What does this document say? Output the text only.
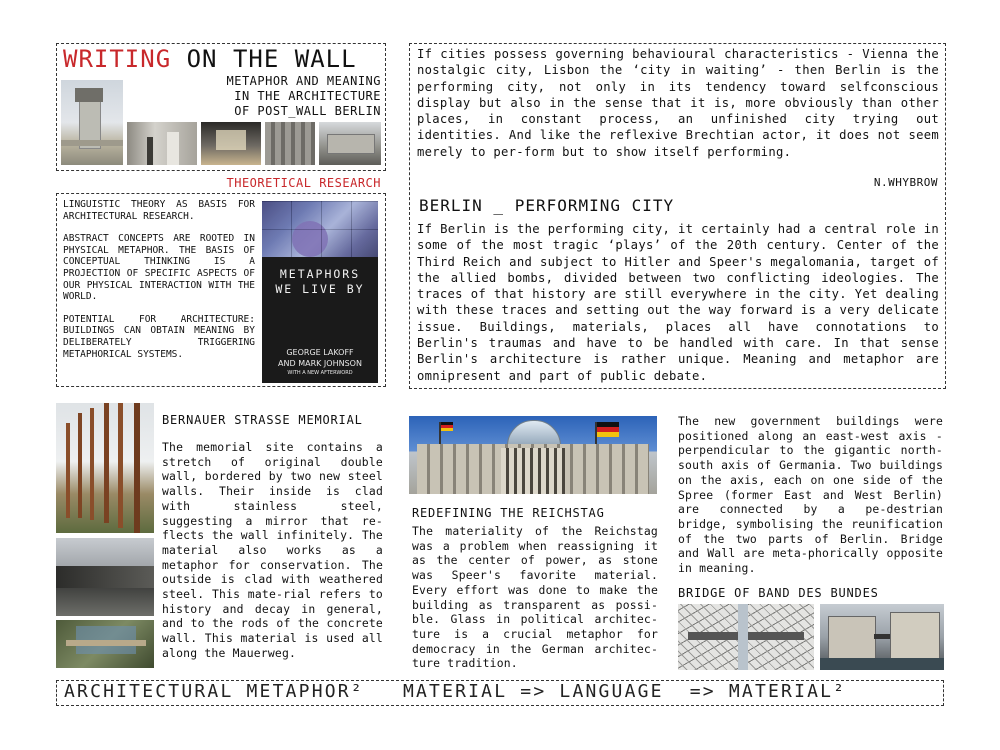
WRITING ON THE WALL
METAPHOR AND MEANING
IN THE ARCHITECTURE
OF POST_WALL BERLIN
THEORETICAL RESEARCH

LINGUISTIC THEORY AS BASIS FOR ARCHITECTURAL RESEARCH.

ABSTRACT CONCEPTS ARE ROOTED IN PHYSICAL METAPHOR. THE BASIS OF CONCEPTUAL THINKING IS A PROJECTION OF SPECIFIC ASPECTS OF OUR PHYSICAL INTERACTION WITH THE WORLD.

POTENTIAL FOR ARCHITECTURE: BUILDINGS CAN OBTAIN MEANING BY DELIBERATELY TRIGGERING METAPHORICAL SYSTEMS.

METAPHORS
WE LIVE BY
GEORGE LAKOFF
AND MARK JOHNSON
WITH A NEW AFTERWORD
If cities possess governing behavioural characteristics - Vienna the nostalgic city, Lisbon the ‘city in waiting’ - then Berlin is the performing city, not only in its tendency toward selfconscious display but also in the sense that it is, more obviously than other places, in constant process, an unfinished city trying out identities. And like the reflexive Brechtian actor, it does not seem merely to per-form but to show itself performing.
N.WHYBROW
BERLIN _ PERFORMING CITY
If Berlin is the performing city, it certainly had a central role in some of the most tragic ‘plays’ of the 20th century. Center of the Third Reich and subject to Hitler and Speer's megalomania, target of the allied bombs, divided between two conflicting ideologies. The traces of that history are still everywhere in the city. Yet dealing with these traces and setting out the way forward is a very delicate issue. Buildings, materials, places all have connotations to Berlin's traumas and have to be handled with care. In that sense Berlin's architecture is rather unique. Meaning and metaphor are omnipresent and part of public debate.
BERNAUER STRASSE MEMORIAL
The memorial site contains a stretch of original double wall, bordered by two new steel walls. Their inside is clad with stainless steel, suggesting a mirror that re-flects the wall infinitely. The material also works as a metaphor for conservation. The outside is clad with weathered steel. This mate-rial refers to history and decay in general, and to the rods of the concrete wall. This material is used all along the Mauerweg.
REDEFINING THE REICHSTAG
The materiality of the Reichstag was a problem when reassigning it as the center of power, as stone was Speer's favorite material. Every effort was done to make the building as transparent as possi-ble. Glass in political architec-ture is a crucial metaphor for democracy in the German architec-ture tradition.
The new government buildings were positioned along an east-west axis - perpendicular to the gigantic north-south axis of Germania. Two buildings on the axis, each on one side of the Spree (former East and West Berlin) are connected by a pe-destrian bridge, symbolising the reunification of the two parts of Berlin. Bridge and Wall are meta-phorically opposite in meaning.
BRIDGE OF BAND DES BUNDES
ARCHITECTURAL METAPHOR²   MATERIAL => LANGUAGE  => MATERIAL²
